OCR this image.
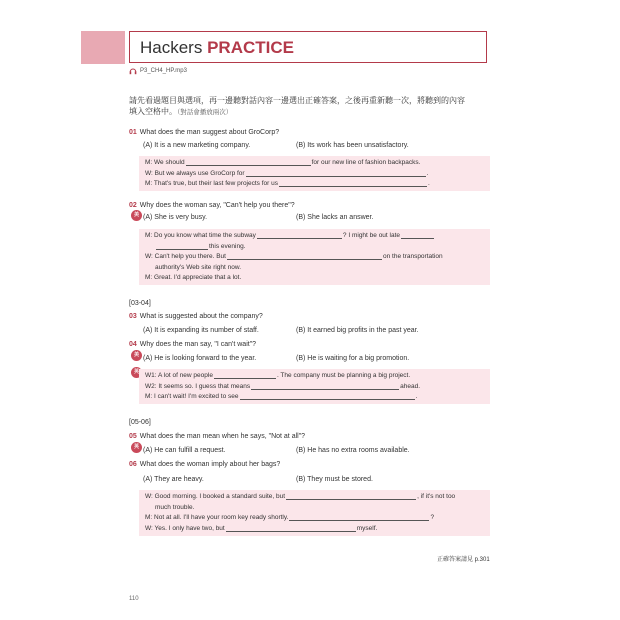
Hackers PRACTICE
P3_CH4_HP.mp3
請先看過題目與選項，再一邊聽對話內容一邊選出正確答案，之後再重新聽一次，將聽到的內容
填入空格中。（對話會播放兩次）
01 What does the man suggest about GroCorp?
(A) It is a new marketing company.	(B) Its work has been unsatisfactory.
M: We should	for our new line of fashion backpacks.
W: But we always use GroCorp for	.
M: That's true, but their last few projects for us	.
02 Why does the woman say, "Can't help you there"?
美 (A) She is very busy.	(B) She lacks an answer.
M: Do you know what time the subway	? I might be out late
this evening.
W: Can't help you there. But	on the transportation
authority's Web site right now.
M: Great. I'd appreciate that a lot.
[03-04]
03 What is suggested about the company?
(A) It is expanding its number of staff.	(B) It earned big profits in the past year.
04 Why does the man say, "I can't wait"?
美 (A) He is looking forward to the year.	(B) He is waiting for a big promotion.
英 W1: A lot of new people	. The company must be planning a big project.
W2: It seems so. I guess that means	ahead.
M: I can't wait! I'm excited to see	.
[05-06]
05 What does the man mean when he says, "Not at all"?
英 (A) He can fulfill a request.	(B) He has no extra rooms available.
06 What does the woman imply about her bags?
(A) They are heavy.	(B) They must be stored.
W: Good morning. I booked a standard suite, but	, if it's not too
much trouble.
M: Not at all. I'll have your room key ready shortly.	?
W: Yes. I only have two, but	myself.
正確答案請見 p.301
110
